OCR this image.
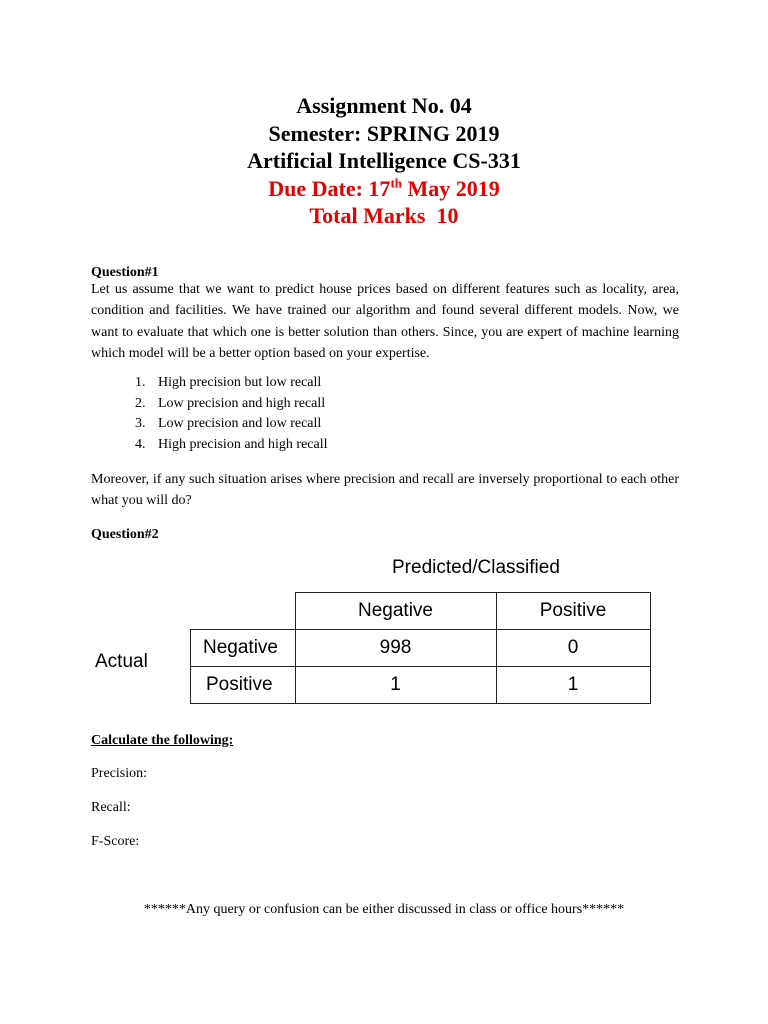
Assignment No. 04
Semester: SPRING 2019
Artificial Intelligence CS-331
Due Date: 17th May 2019
Total Marks  10
Question#1

Let us assume that we want to predict house prices based on different features such as locality, area, condition and facilities. We have trained our algorithm and found several different models. Now, we want to evaluate that which one is better solution than others. Since, you are expert of machine learning which model will be a better option based on your expertise.

1. High precision but low recall
2. Low precision and high recall
3. Low precision and low recall
4. High precision and high recall

Moreover, if any such situation arises where precision and recall are inversely proportional to each other what you will do?

Question#2
Predicted/Classified
Actual
	Negative	Positive
Negative	998	0
Positive	1	1
Calculate the following:
Precision:
Recall:
F-Score:
******Any query or confusion can be either discussed in class or office hours******
